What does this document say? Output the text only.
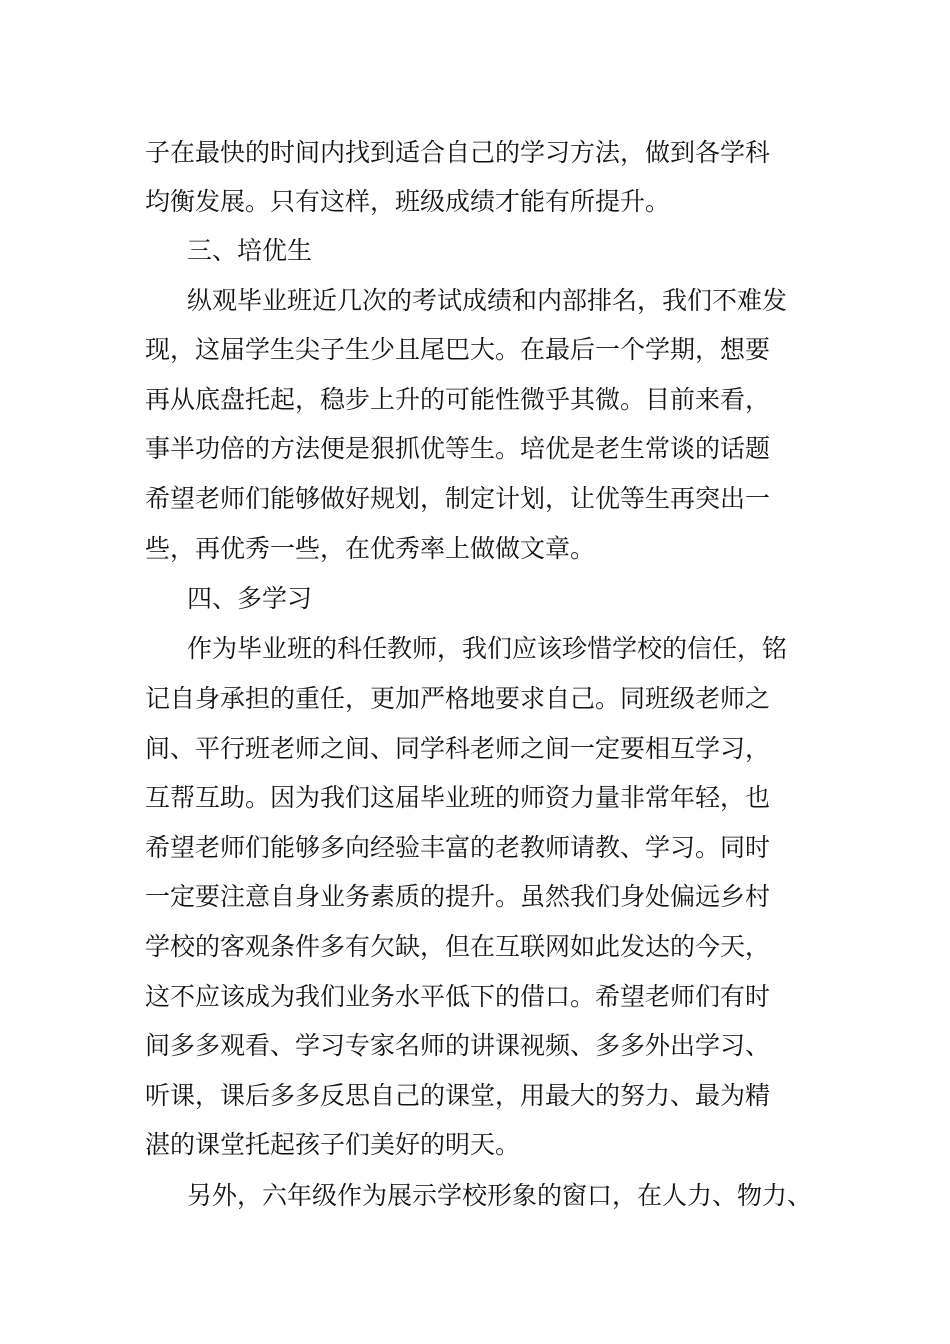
子在最快的时间内找到适合自己的学习方法，做到各学科
均衡发展。只有这样，班级成绩才能有所提升。
三、培优生
纵观毕业班近几次的考试成绩和内部排名，我们不难发
现，这届学生尖子生少且尾巴大。在最后一个学期，想要
再从底盘托起，稳步上升的可能性微乎其微。目前来看，
事半功倍的方法便是狠抓优等生。培优是老生常谈的话题
希望老师们能够做好规划，制定计划，让优等生再突出一
些，再优秀一些，在优秀率上做做文章。
四、多学习
作为毕业班的科任教师，我们应该珍惜学校的信任，铭
记自身承担的重任，更加严格地要求自己。同班级老师之
间、平行班老师之间、同学科老师之间一定要相互学习，
互帮互助。因为我们这届毕业班的师资力量非常年轻，也
希望老师们能够多向经验丰富的老教师请教、学习。同时
一定要注意自身业务素质的提升。虽然我们身处偏远乡村
学校的客观条件多有欠缺，但在互联网如此发达的今天，
这不应该成为我们业务水平低下的借口。希望老师们有时
间多多观看、学习专家名师的讲课视频、多多外出学习、
听课，课后多多反思自己的课堂，用最大的努力、最为精
湛的课堂托起孩子们美好的明天。
另外，六年级作为展示学校形象的窗口，在人力、物力、
